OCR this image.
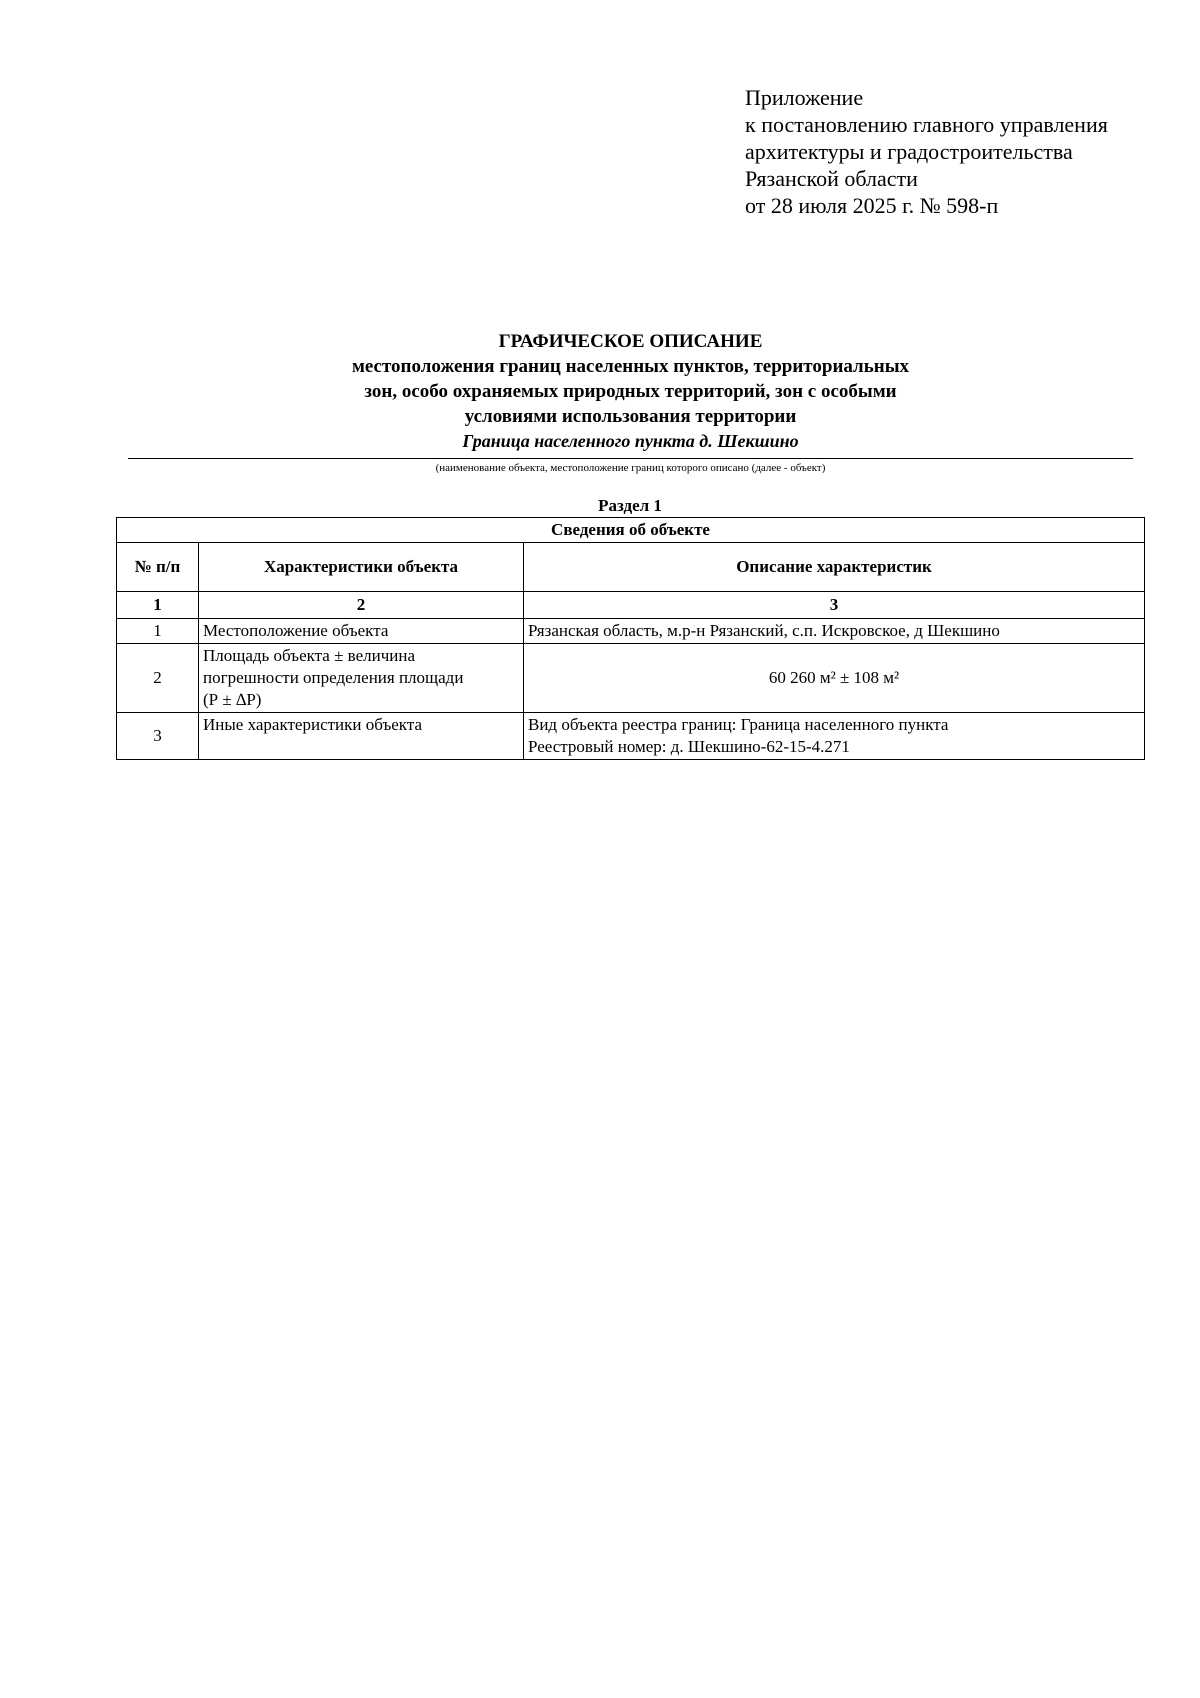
Приложение
к постановлению главного управления
архитектуры и градостроительства
Рязанской области
от 28 июля 2025 г. № 598-п
ГРАФИЧЕСКОЕ ОПИСАНИЕ
местоположения границ населенных пунктов, территориальных
зон, особо охраняемых природных территорий, зон с особыми
условиями использования территории
Граница населенного пункта д. Шекшино
(наименование объекта, местоположение границ которого описано (далее - объект)
Раздел 1
Сведения об объекте		
№ п/п	Характеристики объекта	Описание характеристик
1	2	3
1	Местоположение объекта	Рязанская область, м.р-н Рязанский, с.п. Искровское, д Шекшино

2	Площадь объекта ± величина
погрешности определения площади
(Р ± ∆Р)	60 260 м² ± 108 м²

3	Иные характеристики объекта	Вид объекта реестра границ: Граница населенного пункта
Реестровый номер: д. Шекшино-62-15-4.271
